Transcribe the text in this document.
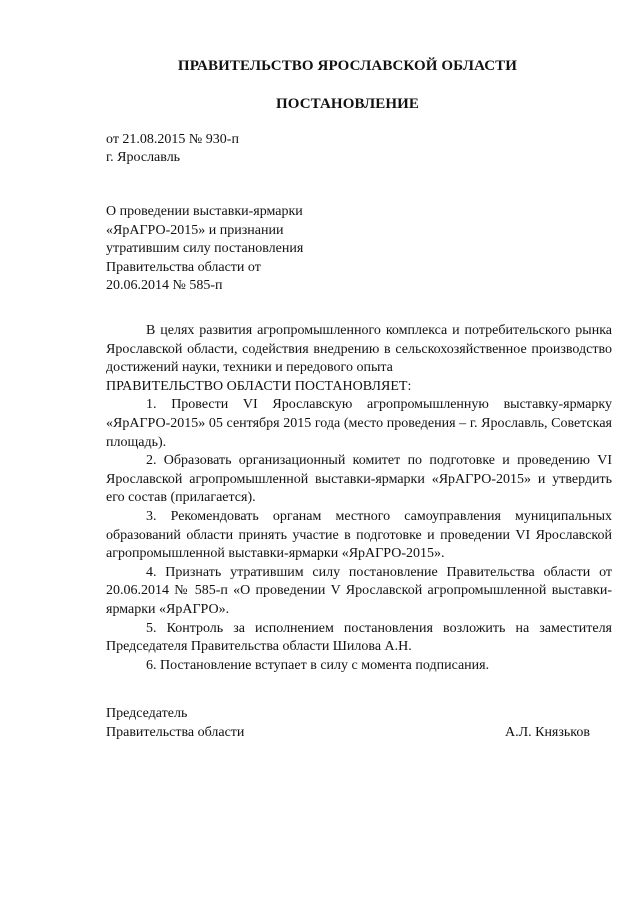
ПРАВИТЕЛЬСТВО ЯРОСЛАВСКОЙ ОБЛАСТИ
ПОСТАНОВЛЕНИЕ
от 21.08.2015 № 930-п
г. Ярославль
О проведении выставки-ярмарки
«ЯрАГРО-2015» и признании
утратившим силу постановления
Правительства области от
20.06.2014 № 585-п

В целях развития агропромышленного комплекса и потребительского рынка Ярославской области, содействия внедрению в сельскохозяйственное производство достижений науки, техники и передового опыта

ПРАВИТЕЛЬСТВО ОБЛАСТИ ПОСТАНОВЛЯЕТ:

1. Провести VI Ярославскую агропромышленную выставку-ярмарку «ЯрАГРО-2015» 05 сентября 2015 года (место проведения – г. Ярославль, Советская площадь).

2. Образовать организационный комитет по подготовке и проведению VI Ярославской агропромышленной выставки-ярмарки «ЯрАГРО-2015» и утвердить его состав (прилагается).

3. Рекомендовать органам местного самоуправления муниципальных образований области принять участие в подготовке и проведении VI Ярославской агропромышленной выставки-ярмарки «ЯрАГРО-2015».

4. Признать утратившим силу постановление Правительства области от 20.06.2014 № 585-п «О проведении V Ярославской агропромышленной выставки-ярмарки «ЯрАГРО».

5. Контроль за исполнением постановления возложить на заместителя Председателя Правительства области Шилова А.Н.

6. Постановление вступает в силу с момента подписания.

Председатель
Правительства области	А.Л. Князьков
